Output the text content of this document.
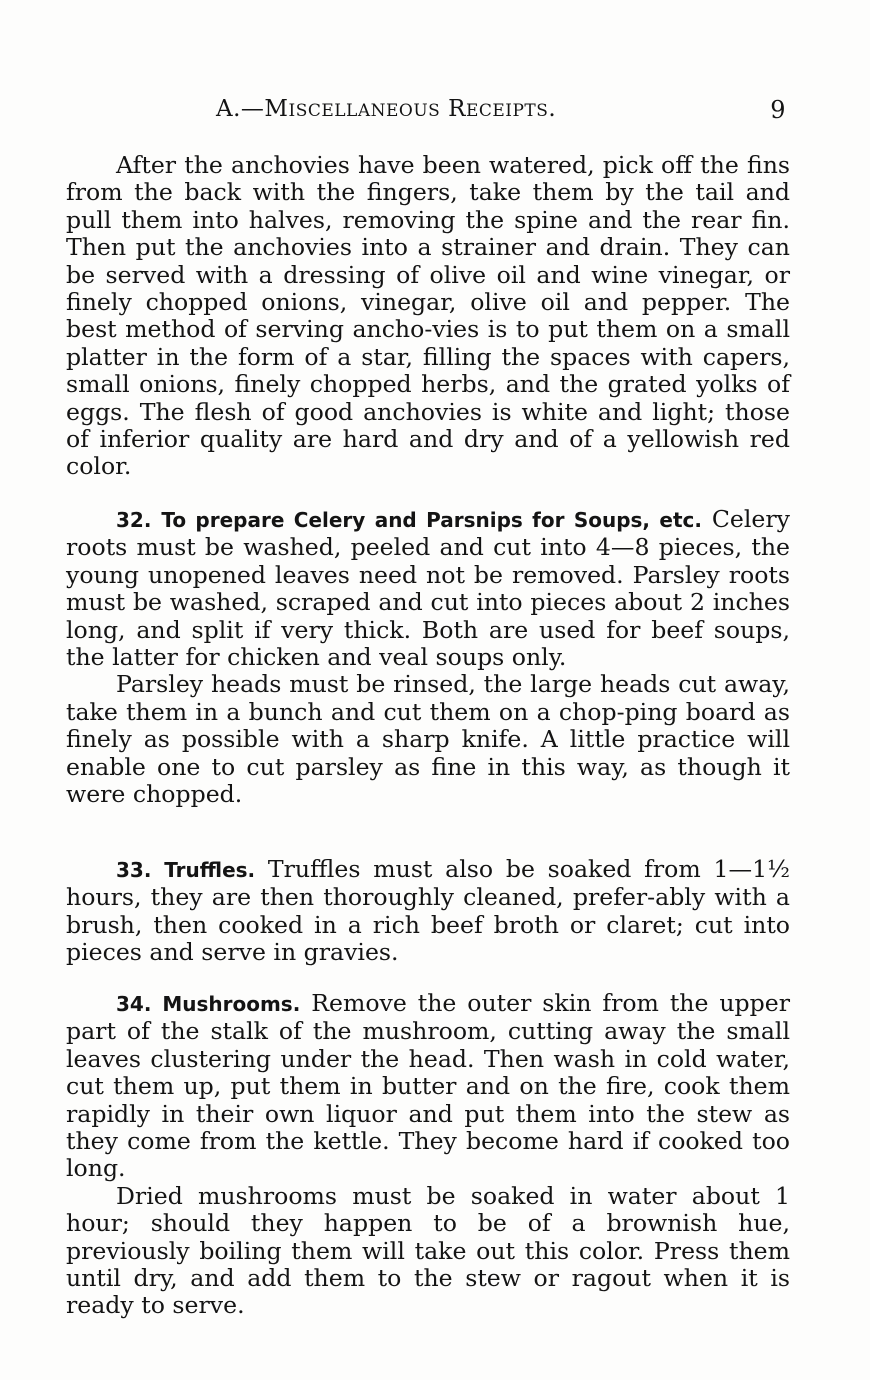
A.—MISCELLANEOUS RECEIPTS.	9

After the anchovies have been watered, pick off the fins from the back with the fingers, take them by the tail and pull them into halves, removing the spine and the rear fin. Then put the anchovies into a strainer and drain. They can be served with a dressing of olive oil and wine vinegar, or finely chopped onions, vinegar, olive oil and pepper. The best method of serving ancho-vies is to put them on a small platter in the form of a star, filling the spaces with capers, small onions, finely chopped herbs, and the grated yolks of eggs. The flesh of good anchovies is white and light; those of inferior quality are hard and dry and of a yellowish red color.

32. To prepare Celery and Parsnips for Soups, etc. Celery roots must be washed, peeled and cut into 4—8 pieces, the young unopened leaves need not be removed. Parsley roots must be washed, scraped and cut into pieces about 2 inches long, and split if very thick. Both are used for beef soups, the latter for chicken and veal soups only.

Parsley heads must be rinsed, the large heads cut away, take them in a bunch and cut them on a chop-ping board as finely as possible with a sharp knife. A little practice will enable one to cut parsley as fine in this way, as though it were chopped.

33. Truffles. Truffles must also be soaked from 1—1½ hours, they are then thoroughly cleaned, prefer-ably with a brush, then cooked in a rich beef broth or claret; cut into pieces and serve in gravies.

34. Mushrooms. Remove the outer skin from the upper part of the stalk of the mushroom, cutting away the small leaves clustering under the head. Then wash in cold water, cut them up, put them in butter and on the fire, cook them rapidly in their own liquor and put them into the stew as they come from the kettle. They become hard if cooked too long.

Dried mushrooms must be soaked in water about 1 hour; should they happen to be of a brownish hue, previously boiling them will take out this color. Press them until dry, and add them to the stew or ragout when it is ready to serve.
